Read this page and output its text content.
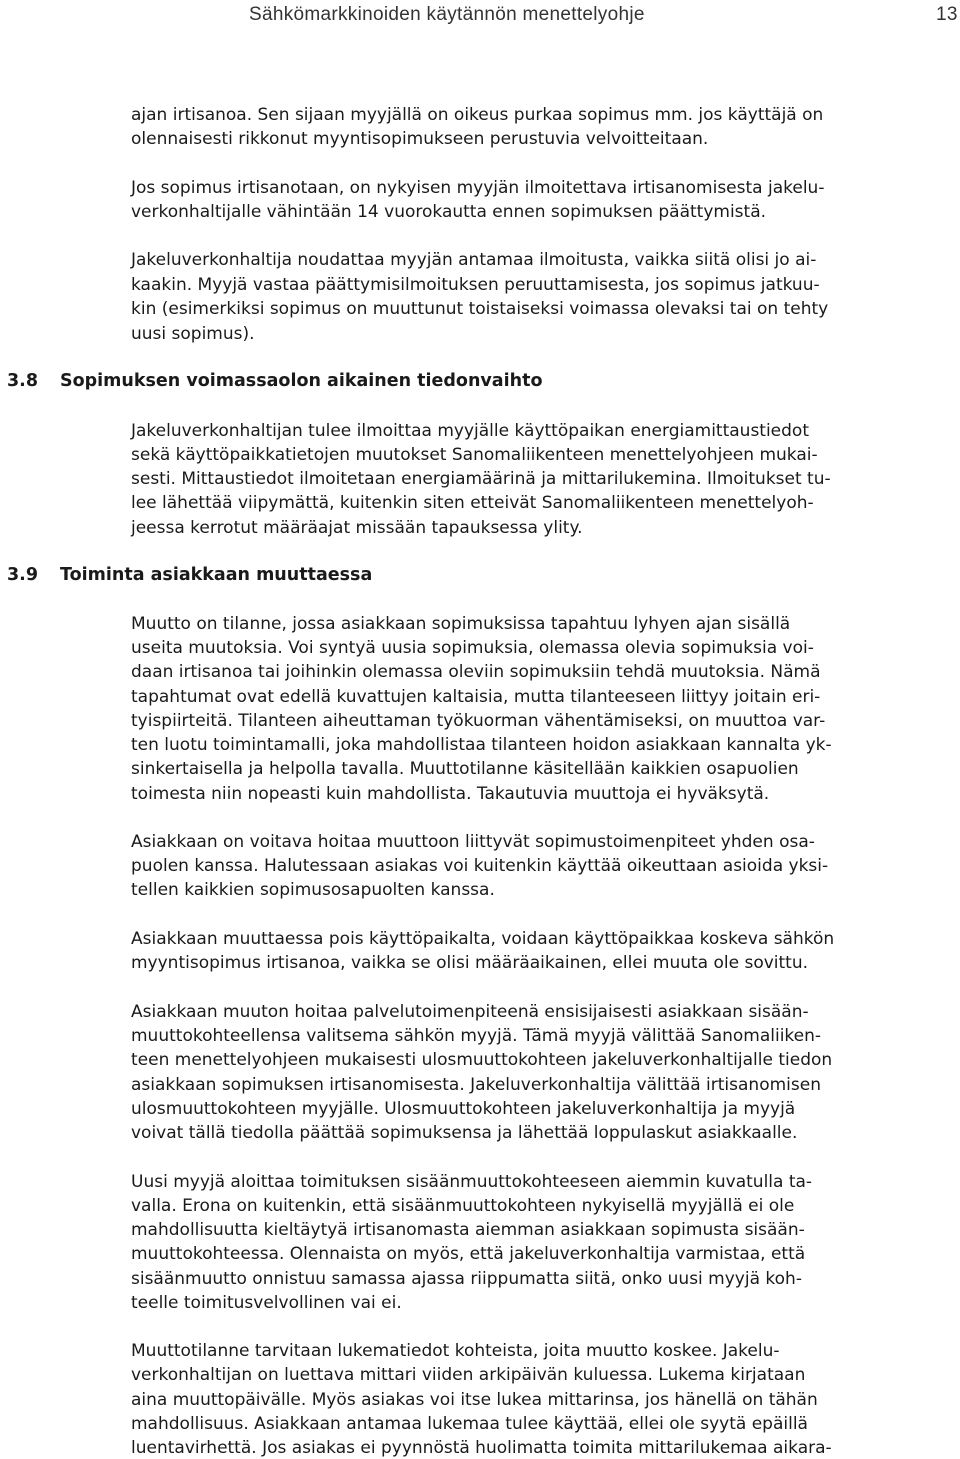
Sähkömarkkinoiden käytännön menettelyohje	13
ajan irtisanoa. Sen sijaan myyjällä on oikeus purkaa sopimus mm. jos käyttäjä on
olennaisesti rikkonut myyntisopimukseen perustuvia velvoitteitaan.
Jos sopimus irtisanotaan, on nykyisen myyjän ilmoitettava irtisanomisesta jakelu-
verkonhaltijalle vähintään 14 vuorokautta ennen sopimuksen päättymistä.
Jakeluverkonhaltija noudattaa myyjän antamaa ilmoitusta, vaikka siitä olisi jo ai-
kaakin. Myyjä vastaa päättymisilmoituksen peruuttamisesta, jos sopimus jatkuu-
kin (esimerkiksi sopimus on muuttunut toistaiseksi voimassa olevaksi tai on tehty
uusi sopimus).
3.8 Sopimuksen voimassaolon aikainen tiedonvaihto
Jakeluverkonhaltijan tulee ilmoittaa myyjälle käyttöpaikan energiamittaustiedot
sekä käyttöpaikkatietojen muutokset Sanomaliikenteen menettelyohjeen mukai-
sesti. Mittaustiedot ilmoitetaan energiamäärinä ja mittarilukemina. Ilmoitukset tu-
lee lähettää viipymättä, kuitenkin siten etteivät Sanomaliikenteen menettelyoh-
jeessa kerrotut määräajat missään tapauksessa ylity.
3.9 Toiminta asiakkaan muuttaessa
Muutto on tilanne, jossa asiakkaan sopimuksissa tapahtuu lyhyen ajan sisällä
useita muutoksia. Voi syntyä uusia sopimuksia, olemassa olevia sopimuksia voi-
daan irtisanoa tai joihinkin olemassa oleviin sopimuksiin tehdä muutoksia. Nämä
tapahtumat ovat edellä kuvattujen kaltaisia, mutta tilanteeseen liittyy joitain eri-
tyispiirteitä. Tilanteen aiheuttaman työkuorman vähentämiseksi, on muuttoa var-
ten luotu toimintamalli, joka mahdollistaa tilanteen hoidon asiakkaan kannalta yk-
sinkertaisella ja helpolla tavalla. Muuttotilanne käsitellään kaikkien osapuolien
toimesta niin nopeasti kuin mahdollista. Takautuvia muuttoja ei hyväksytä.
Asiakkaan on voitava hoitaa muuttoon liittyvät sopimustoimenpiteet yhden osa-
puolen kanssa. Halutessaan asiakas voi kuitenkin käyttää oikeuttaan asioida yksi-
tellen kaikkien sopimusosapuolten kanssa.
Asiakkaan muuttaessa pois käyttöpaikalta, voidaan käyttöpaikkaa koskeva sähkön
myyntisopimus irtisanoa, vaikka se olisi määräaikainen, ellei muuta ole sovittu.
Asiakkaan muuton hoitaa palvelutoimenpiteenä ensisijaisesti asiakkaan sisään-
muuttokohteellensa valitsema sähkön myyjä. Tämä myyjä välittää Sanomaliiken-
teen menettelyohjeen mukaisesti ulosmuuttokohteen jakeluverkonhaltijalle tiedon
asiakkaan sopimuksen irtisanomisesta. Jakeluverkonhaltija välittää irtisanomisen
ulosmuuttokohteen myyjälle. Ulosmuuttokohteen jakeluverkonhaltija ja myyjä
voivat tällä tiedolla päättää sopimuksensa ja lähettää loppulaskut asiakkaalle.
Uusi myyjä aloittaa toimituksen sisäänmuuttokohteeseen aiemmin kuvatulla ta-
valla. Erona on kuitenkin, että sisäänmuuttokohteen nykyisellä myyjällä ei ole
mahdollisuutta kieltäytyä irtisanomasta aiemman asiakkaan sopimusta sisään-
muuttokohteessa. Olennaista on myös, että jakeluverkonhaltija varmistaa, että
sisäänmuutto onnistuu samassa ajassa riippumatta siitä, onko uusi myyjä koh-
teelle toimitusvelvollinen vai ei.
Muuttotilanne tarvitaan lukematiedot kohteista, joita muutto koskee. Jakelu-
verkonhaltijan on luettava mittari viiden arkipäivän kuluessa. Lukema kirjataan
aina muuttopäivälle. Myös asiakas voi itse lukea mittarinsa, jos hänellä on tähän
mahdollisuus. Asiakkaan antamaa lukemaa tulee käyttää, ellei ole syytä epäillä
luentavirhettä. Jos asiakas ei pyynnöstä huolimatta toimita mittarilukemaa aikara-
